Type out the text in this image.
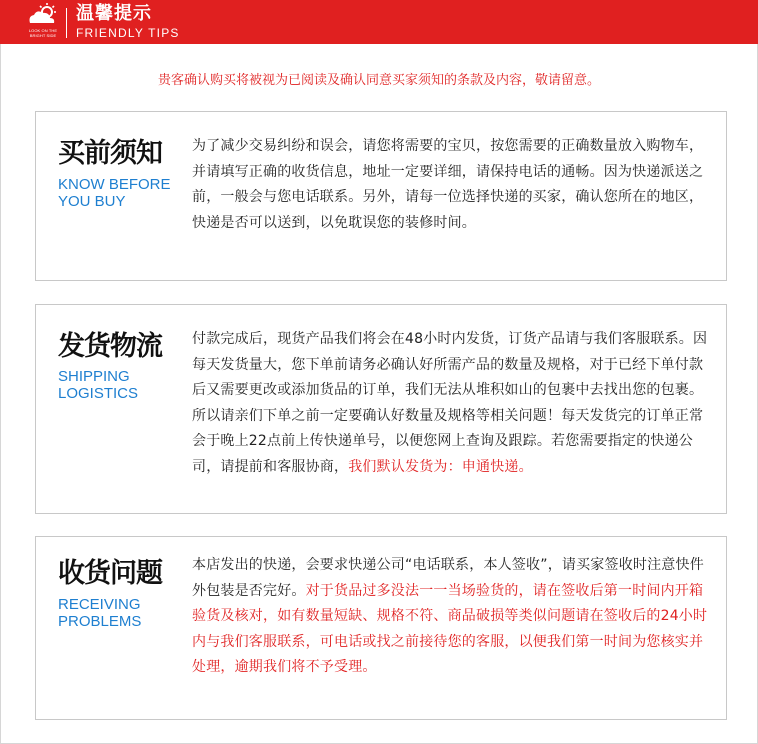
LOOK ON THE BRIGHT SIDE
温馨提示
FRIENDLY TIPS
贵客确认购买将被视为已阅读及确认同意买家须知的条款及内容，敬请留意。
买前须知
KNOW BEFORE
YOU BUY
为了减少交易纠纷和误会，请您将需要的宝贝，按您需要的正确数量放入购物车，并请填写正确的收货信息，地址一定要详细，请保持电话的通畅。因为快递派送之前，一般会与您电话联系。另外，请每一位选择快递的买家，确认您所在的地区，快递是否可以送到，以免耽误您的装修时间。
发货物流
SHIPPING
LOGISTICS
付款完成后，现货产品我们将会在48小时内发货，订货产品请与我们客服联系。因每天发货量大，您下单前请务必确认好所需产品的数量及规格，对于已经下单付款后又需要更改或添加货品的订单，我们无法从堆积如山的包裹中去找出您的包裹。所以请亲们下单之前一定要确认好数量及规格等相关问题！每天发货完的订单正常会于晚上22点前上传快递单号，以便您网上查询及跟踪。若您需要指定的快递公司，请提前和客服协商，我们默认发货为：申通快递。
收货问题
RECEIVING
PROBLEMS
本店发出的快递，会要求快递公司“电话联系，本人签收”，请买家签收时注意快件外包装是否完好。对于货品过多没法一一当场验货的，请在签收后第一时间内开箱验货及核对，如有数量短缺、规格不符、商品破损等类似问题请在签收后的24小时内与我们客服联系，可电话或找之前接待您的客服，以便我们第一时间为您核实并处理，逾期我们将不予受理。
